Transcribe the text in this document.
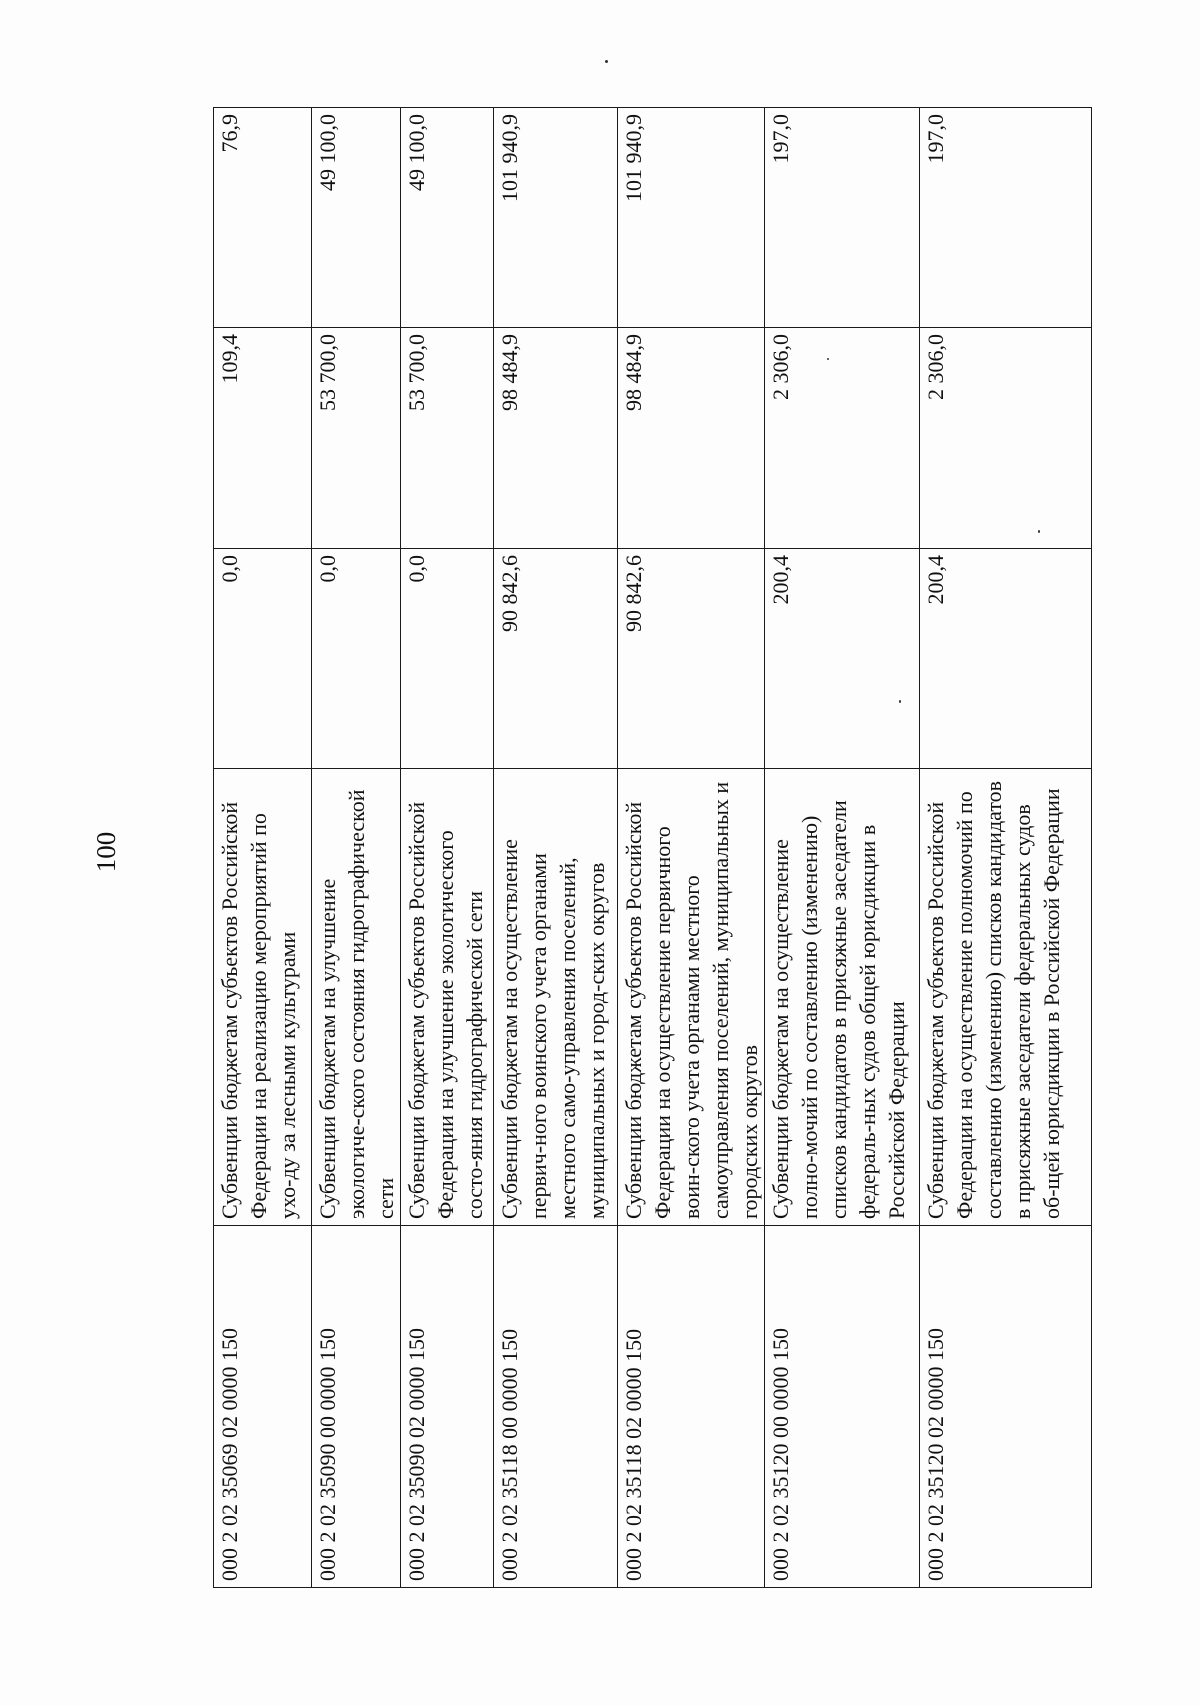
100
000 2 02 35069 02 0000 150	Субвенции бюджетам субъектов Российской Федерации на реализацию мероприятий по ухо-ду за лесными культурами	0,0	109,4	76,9
000 2 02 35090 00 0000 150	Субвенции бюджетам на улучшение экологиче-ского состояния гидрографической сети	0,0	53 700,0	49 100,0
000 2 02 35090 02 0000 150	Субвенции бюджетам субъектов Российской Федерации на улучшение экологического состо-яния гидрографической сети	0,0	53 700,0	49 100,0
000 2 02 35118 00 0000 150	Субвенции бюджетам на осуществление первич-ного воинского учета органами местного само-управления поселений, муниципальных и город-ских округов	90 842,6	98 484,9	101 940,9
000 2 02 35118 02 0000 150	Субвенции бюджетам субъектов Российской Федерации на осуществление первичного воин-ского учета органами местного самоуправления поселений, муниципальных и городских округов	90 842,6	98 484,9	101 940,9
000 2 02 35120 00 0000 150	Субвенции бюджетам на осуществление полно-мочий по составлению (изменению) списков кандидатов в присяжные заседатели федераль-ных судов общей юрисдикции в Российской Федерации	200,4	2 306,0	197,0
000 2 02 35120 02 0000 150	Субвенции бюджетам субъектов Российской Федерации на осуществление полномочий по составлению (изменению) списков кандидатов в присяжные заседатели федеральных судов об-щей юрисдикции в Российской Федерации	200,4	2 306,0	197,0
